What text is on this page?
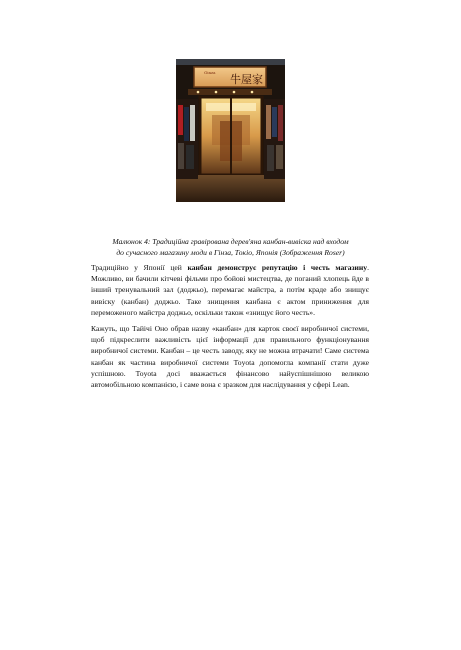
Ginza
牛屋家

Малюнок 4: Традиційна гравірована дерев'яна канбан-вивіска над входом
до сучасного магазину моди в Гінза, Токіо, Японія (Зображення Roser)

Традиційно у Японії цей канбан демонструє репутацію і честь магазину. Можливо, ви бачили кітчеві фільми про бойові мистецтва, де поганий хлопець йде в інший тренувальний зал (доджьо), перемагає майстра, а потім краде або знищує вивіску (канбан) доджьо. Таке знищення канбана є актом приниження для переможеного майстра доджьо, оскільки також «знищує його честь».

Кажуть, що Тайічі Оно обрав назву «канбан» для карток своєї виробничої системи, щоб підкреслити важливість цієї інформації для правильного функціонування виробничої системи. Канбан – це честь заводу, яку не можна втрачати! Саме система канбан як частина виробничої системи Toyota допомогла компанії стати дуже успішною. Toyota досі вважається фінансово найуспішнішою великою автомобільною компанією, і саме вона є зразком для наслідування у сфері Lean.
